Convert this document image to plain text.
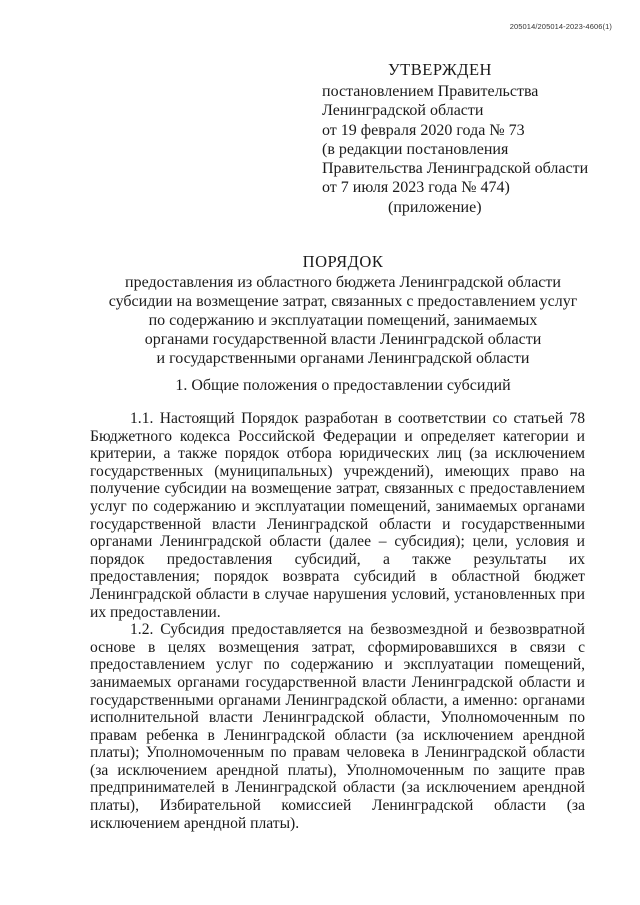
205014/205014-2023-4606(1)
УТВЕРЖДЕН
постановлением Правительства
Ленинградской области
от 19 февраля 2020 года № 73
(в редакции постановления
Правительства Ленинградской области
от 7 июля 2023 года № 474)
(приложение)
ПОРЯДОК
предоставления из областного бюджета Ленинградской области
субсидии на возмещение затрат, связанных с предоставлением услуг
по содержанию и эксплуатации помещений, занимаемых
органами государственной власти Ленинградской области
и государственными органами Ленинградской области
1. Общие положения о предоставлении субсидий

1.1. Настоящий Порядок разработан в соответствии со статьей 78 Бюджетного кодекса Российской Федерации и определяет категории и критерии, а также порядок отбора юридических лиц (за исключением государственных (муниципальных) учреждений), имеющих право на получение субсидии на возмещение затрат, связанных с предоставлением услуг по содержанию и эксплуатации помещений, занимаемых органами государственной власти Ленинградской области и государственными органами Ленинградской области (далее – субсидия); цели, условия и порядок предоставления субсидий, а также результаты их предоставления; порядок возврата субсидий в областной бюджет Ленинградской области в случае нарушения условий, установленных при их предоставлении.

1.2. Субсидия предоставляется на безвозмездной и безвозвратной основе в целях возмещения затрат, сформировавшихся в связи с предоставлением услуг по содержанию и эксплуатации помещений, занимаемых органами государственной власти Ленинградской области и государственными органами Ленинградской области, а именно: органами исполнительной власти Ленинградской области, Уполномоченным по правам ребенка в Ленинградской области (за исключением арендной платы); Уполномоченным по правам человека в Ленинградской области (за исключением арендной платы), Уполномоченным по защите прав предпринимателей в Ленинградской области (за исключением арендной платы), Избирательной комиссией Ленинградской области (за исключением арендной платы).
